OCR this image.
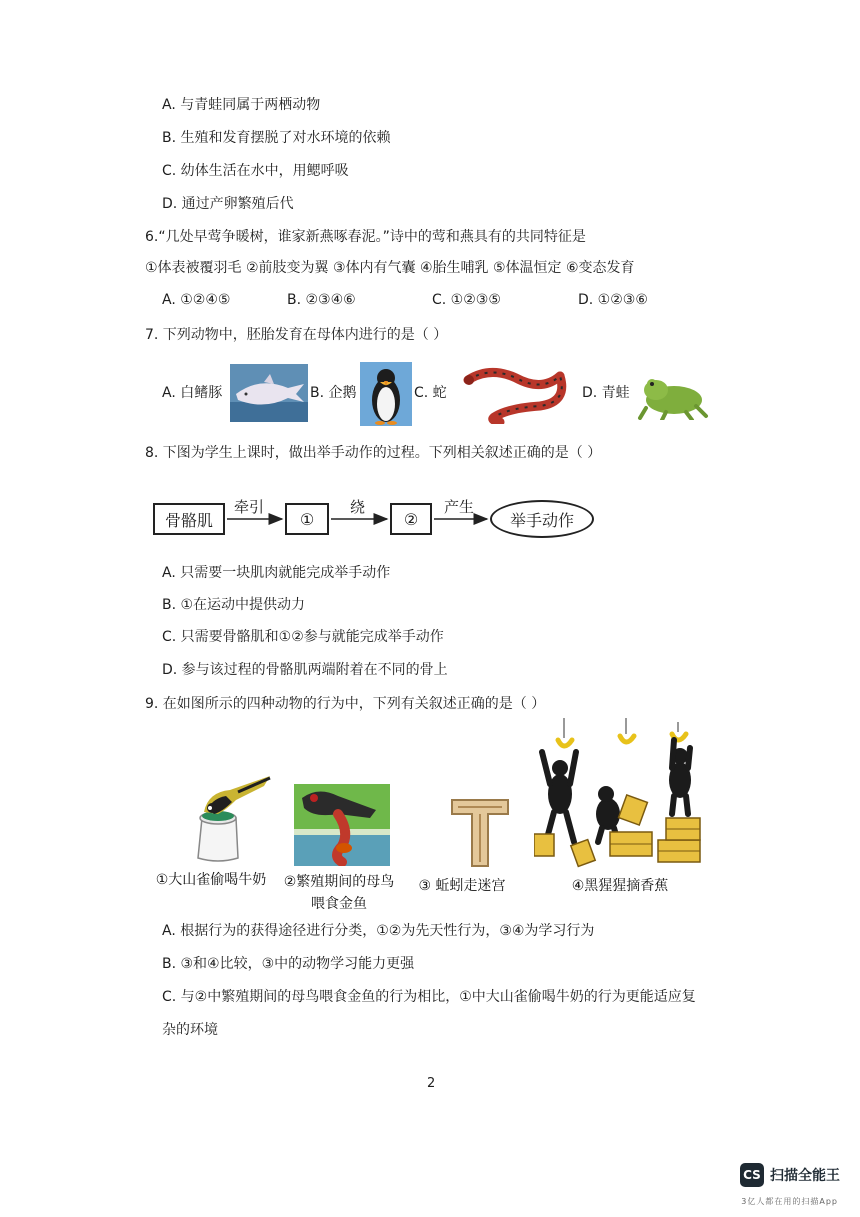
A. 与青蛙同属于两栖动物
B. 生殖和发育摆脱了对水环境的依赖
C. 幼体生活在水中，用鳃呼吸
D. 通过产卵繁殖后代
6.“几处早莺争暖树，谁家新燕啄春泥。”诗中的莺和燕具有的共同特征是
①体表被覆羽毛 ②前肢变为翼 ③体内有气囊 ④胎生哺乳 ⑤体温恒定 ⑥变态发育
A. ①②④⑤	B. ②③④⑥	C. ①②③⑤	D. ①②③⑥
7. 下列动物中，胚胎发育在母体内进行的是（ ）
A. 白鳍豚	B. 企鹅	C. 蛇	D. 青蛙
8. 下图为学生上课时，做出举手动作的过程。下列相关叙述正确的是（ ）
骨骼肌
牵引
①
绕
②
产生
举手动作
A. 只需要一块肌肉就能完成举手动作
B. ①在运动中提供动力
C. 只需要骨骼肌和①②参与就能完成举手动作
D. 参与该过程的骨骼肌两端附着在不同的骨上
9. 在如图所示的四种动物的行为中，下列有关叙述正确的是（ ）
①大山雀偷喝牛奶	②繁殖期间的母鸟
喂食金鱼
③ 蚯蚓走迷宫	④黑猩猩摘香蕉
A. 根据行为的获得途径进行分类，①②为先天性行为，③④为学习行为
B. ③和④比较，③中的动物学习能力更强
C. 与②中繁殖期间的母鸟喂食金鱼的行为相比，①中大山雀偷喝牛奶的行为更能适应复
杂的环境
2
CS 扫描全能王
3亿人都在用的扫描App
